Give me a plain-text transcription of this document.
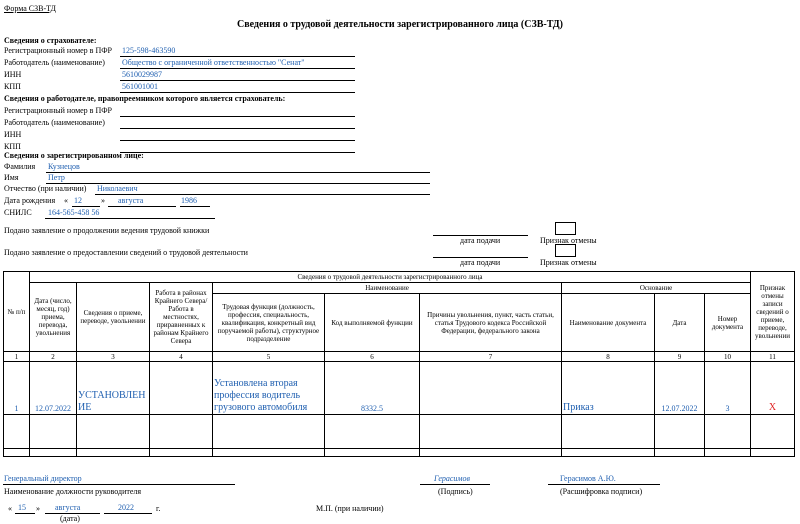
Форма СЗВ-ТД
Сведения о трудовой деятельности зарегистрированного лица (СЗВ-ТД)
Сведения о страхователе:
Регистрационный номер в ПФР 125-598-463590
Работодатель (наименование) Общество с ограниченной ответственностью "Сенат"
ИНН	5610029987
КПП	561001001
Сведения о работодателе, правопреемником которого является страхователь:
Регистрационный номер в ПФР
Работодатель (наименование)
ИНН
КПП
Сведения о зарегистрированном лице:
Фамилия Кузнецов
Имя	Петр
Отчество (при наличии) Николаевич
Дата рождения « 12 » августа	1986
СНИЛС 164-565-458 56
Подано заявление о продолжении ведения трудовой книжки
дата подачи	Признак отмены
Подано заявление о предоставлении сведений о трудовой деятельности
дата подачи	Признак отмены
№ п/п	Сведения о трудовой деятельности зарегистрированного лица									Признак отмены записи сведений о приеме, переводе, увольнении
	Дата (число, месяц, год) приема, перевода, увольнения	Сведения о приеме, переводе, увольнении	Работа в районах Крайнего Севера/Работа в местностях, приравненных к районам Крайнего Севера	Наименование			Основание			
				Трудовая функция (должность, профессия, специальность, квалификация, конкретный вид поручаемой работы), структурное подразделение	Код выполняемой функции	Причины увольнения, пункт, часть статьи, статья Трудового кодекса Российской Федерации, федерального закона	Наименование документа	Дата	Номер документа	
1	2	3	4	5	6	7	8	9	10	11
1	12.07.2022	УСТАНОВЛЕНИЕ		Установлена вторая профессия водитель грузового автомобиля	8332.5		Приказ	12.07.2022	3	X

Генеральный директор
Наименование должности руководителя
Герасимов
(Подпись)
Герасимов А.Ю.
(Расшифровка подписи)
« 15 » августа	2022	г.
(дата)
М.П. (при наличии)
